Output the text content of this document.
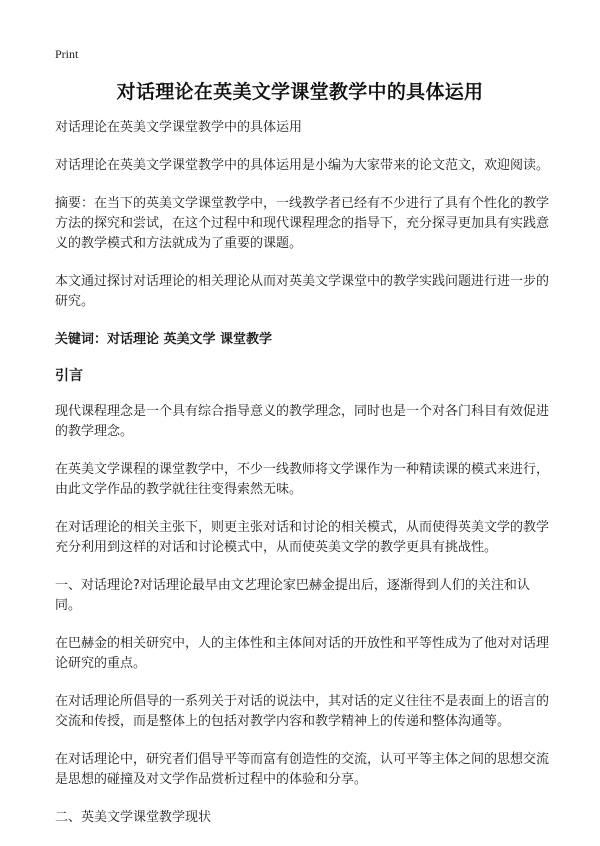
Print
对话理论在英美文学课堂教学中的具体运用

对话理论在英美文学课堂教学中的具体运用

对话理论在英美文学课堂教学中的具体运用是小编为大家带来的论文范文，欢迎阅读。

摘要：在当下的英美文学课堂教学中，一线教学者已经有不少进行了具有个性化的教学方法的探究和尝试，在这个过程中和现代课程理念的指导下，充分探寻更加具有实践意义的教学模式和方法就成为了重要的课题。

本文通过探讨对话理论的相关理论从而对英美文学课堂中的教学实践问题进行进一步的研究。

关键词：对话理论 英美文学 课堂教学

引言

现代课程理念是一个具有综合指导意义的教学理念，同时也是一个对各门科目有效促进的教学理念。

在英美文学课程的课堂教学中，不少一线教师将文学课作为一种精读课的模式来进行，由此文学作品的教学就往往变得索然无味。

在对话理论的相关主张下，则更主张对话和讨论的相关模式，从而使得英美文学的教学充分利用到这样的对话和讨论模式中，从而使英美文学的教学更具有挑战性。

一、对话理论?对话理论最早由文艺理论家巴赫金提出后，逐渐得到人们的关注和认同。

在巴赫金的相关研究中，人的主体性和主体间对话的开放性和平等性成为了他对对话理论研究的重点。

在对话理论所倡导的一系列关于对话的说法中，其对话的定义往往不是表面上的语言的交流和传授，而是整体上的包括对教学内容和教学精神上的传递和整体沟通等。

在对话理论中，研究者们倡导平等而富有创造性的交流，认可平等主体之间的思想交流是思想的碰撞及对文学作品赏析过程中的体验和分享。

二、英美文学课堂教学现状
